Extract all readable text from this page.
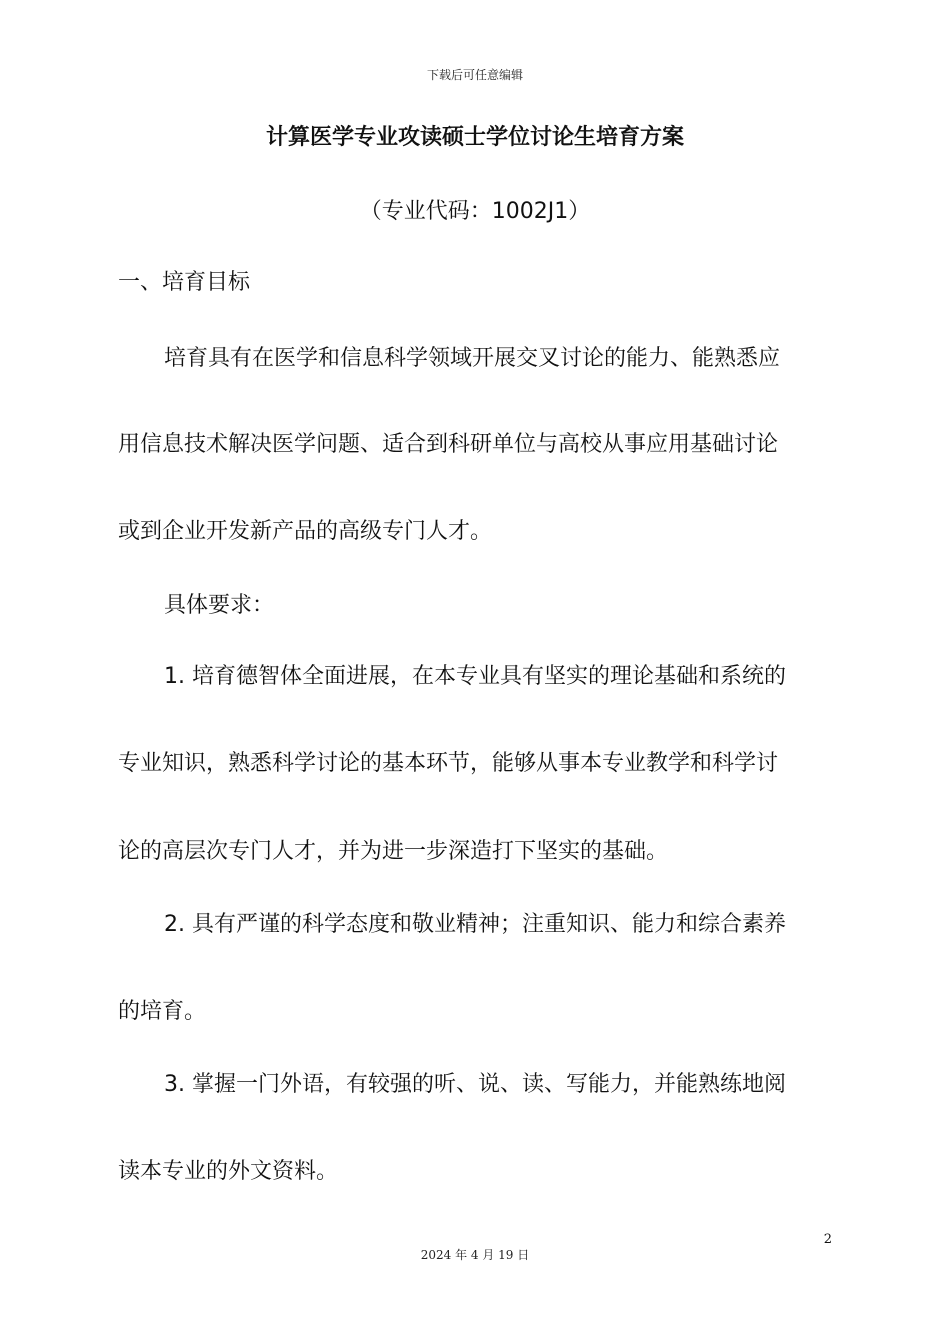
下载后可任意编辑
计算医学专业攻读硕士学位讨论生培育方案
（专业代码：1002J1）
一、培育目标
培育具有在医学和信息科学领域开展交叉讨论的能力、能熟悉应
用信息技术解决医学问题、适合到科研单位与高校从事应用基础讨论
或到企业开发新产品的高级专门人才。
具体要求：
1. 培育德智体全面进展，在本专业具有坚实的理论基础和系统的
专业知识，熟悉科学讨论的基本环节，能够从事本专业教学和科学讨
论的高层次专门人才，并为进一步深造打下坚实的基础。
2. 具有严谨的科学态度和敬业精神；注重知识、能力和综合素养
的培育。
3. 掌握一门外语，有较强的听、说、读、写能力，并能熟练地阅
读本专业的外文资料。
2
2024 年 4 月 19 日
